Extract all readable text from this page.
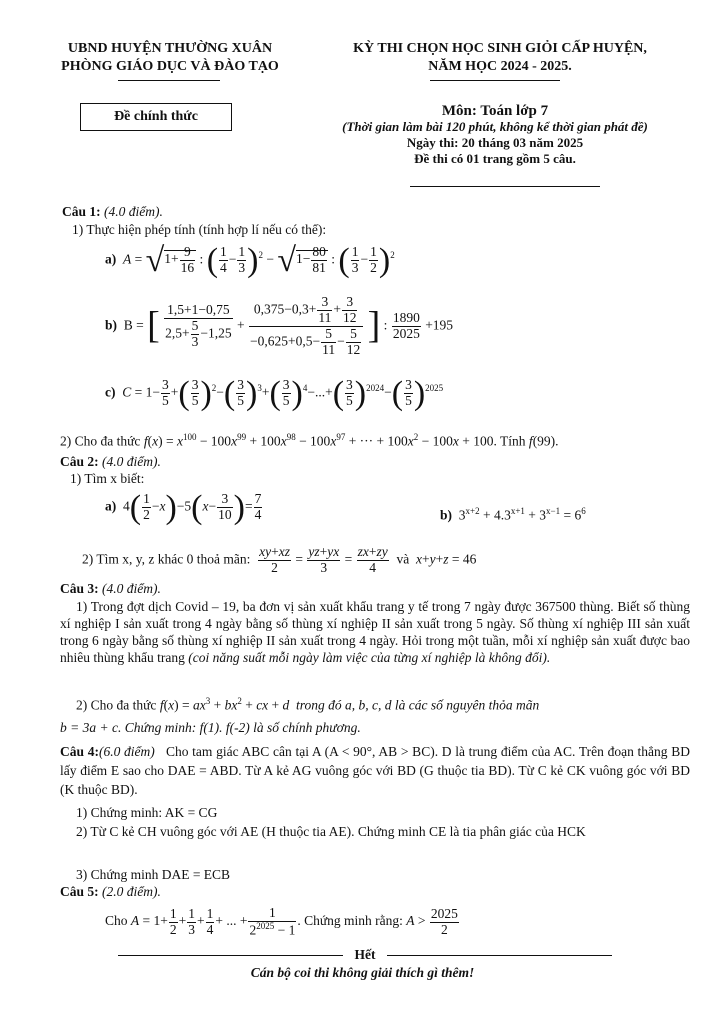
UBND HUYỆN THƯỜNG XUÂN
PHÒNG GIÁO DỤC VÀ ĐÀO TẠO
KỲ THI CHỌN HỌC SINH GIỎI CẤP HUYỆN,
NĂM HỌC 2024 - 2025.
Đề chính thức	Môn: Toán lớp 7
(Thời gian làm bài 120 phút, không kể thời gian phát đề)
Ngày thi: 20 tháng 03 năm 2025
Đề thi có 01 trang gồm 5 câu.
Câu 1: (4.0 điểm).
1) Thực hiện phép tính (tính hợp lí nếu có thể):
a) $A = √1+ \frac{9}{16}$ : ( $\frac{1}{4} - \frac{1}{3} )^2 - √1- \frac{80}{81}$ : ( $\frac{1}{3} - \frac{1}{2} )^2$
b)  B = [ $\frac{1,5+1-0,75}{2,5+ \frac{5}{3} -1,25} + \frac{0,375-0,3+ \frac{3}{11} + \frac{3}{12}}{-0,625+0,5- \frac{5}{11} - \frac{5}{12}}$ ] : $\frac{1890}{2025} +195$
c) $C = 1- \frac{3}{5}$ +( $\frac{3}{5} )^2-( \frac{3}{5} )^3+( \frac{3}{5} )^4-...+( \frac{3}{5} )^{2024}-( \frac{3}{5} )^{2025}$
2) Cho đa thức $f(x) = x^{100} - 100x^{99} + 100x^{98} - 100x^{97}$ + ··· + $100x^2 - 100x + 100$. Tính f(99).
Câu 2: (4.0 điểm).
1) Tìm x biết:
a)  $4( \frac{1}{2} -x)-5(x- \frac{3}{10}$ )= $\frac{7}{4}$	b)  $3^{x+2} + 4.3^{x+1} + 3^{x-1} = 6^6$
2) Tìm x, y, z khác 0 thoả mãn: $\frac{xy+xz}{2} = \frac{yz+yx}{3} = \frac{zx+zy}{4}$ và x+y+z = 46
Câu 3: (4.0 điểm).
1) Trong đợt dịch Covid – 19, ba đơn vị sản xuất khẩu trang y tế trong 7 ngày được 367500 thùng. Biết số thùng xí nghiệp I sản xuất trong 4 ngày bằng số thùng xí nghiệp II sản xuất trong 5 ngày. Số thùng xí nghiệp III sản xuất trong 6 ngày bằng số thùng xí nghiệp II sản xuất trong 4 ngày. Hỏi trong một tuần, mỗi xí nghiệp sản xuất được bao nhiêu thùng khẩu trang (coi năng suất mỗi ngày làm việc của từng xí nghiệp là không đổi).
2) Cho đa thức $f(x) = ax^3 + bx^2$ + cx + d trong đó a, b, c, d là các số nguyên thỏa mãn
b = 3a + c. Chứng minh: f(1). f(-2) là số chính phương.
Câu 4:(6.0 điểm) Cho tam giác ABC cân tại A (A < 90°, AB > BC). D là trung điểm của AC. Trên đoạn thẳng BD lấy điểm E sao cho DAE = ABD. Từ A kẻ AG vuông góc với BD (G thuộc tia BD). Từ C kẻ CK vuông góc với BD (K thuộc BD).
1) Chứng minh: AK = CG
2) Từ C kẻ CH vuông góc với AE (H thuộc tia AE). Chứng minh CE là tia phân giác của HCK
3) Chứng minh DAE = ECB
Câu 5: (2.0 điểm).
Cho $A = 1+ \frac{1}{2} + \frac{1}{3} + \frac{1}{4}$ + ... + $\frac{1}{2^{2025} - 1}$ . Chứng minh rằng: $A > \frac{2025}{2}$
Hết
Cán bộ coi thi không giải thích gì thêm!
